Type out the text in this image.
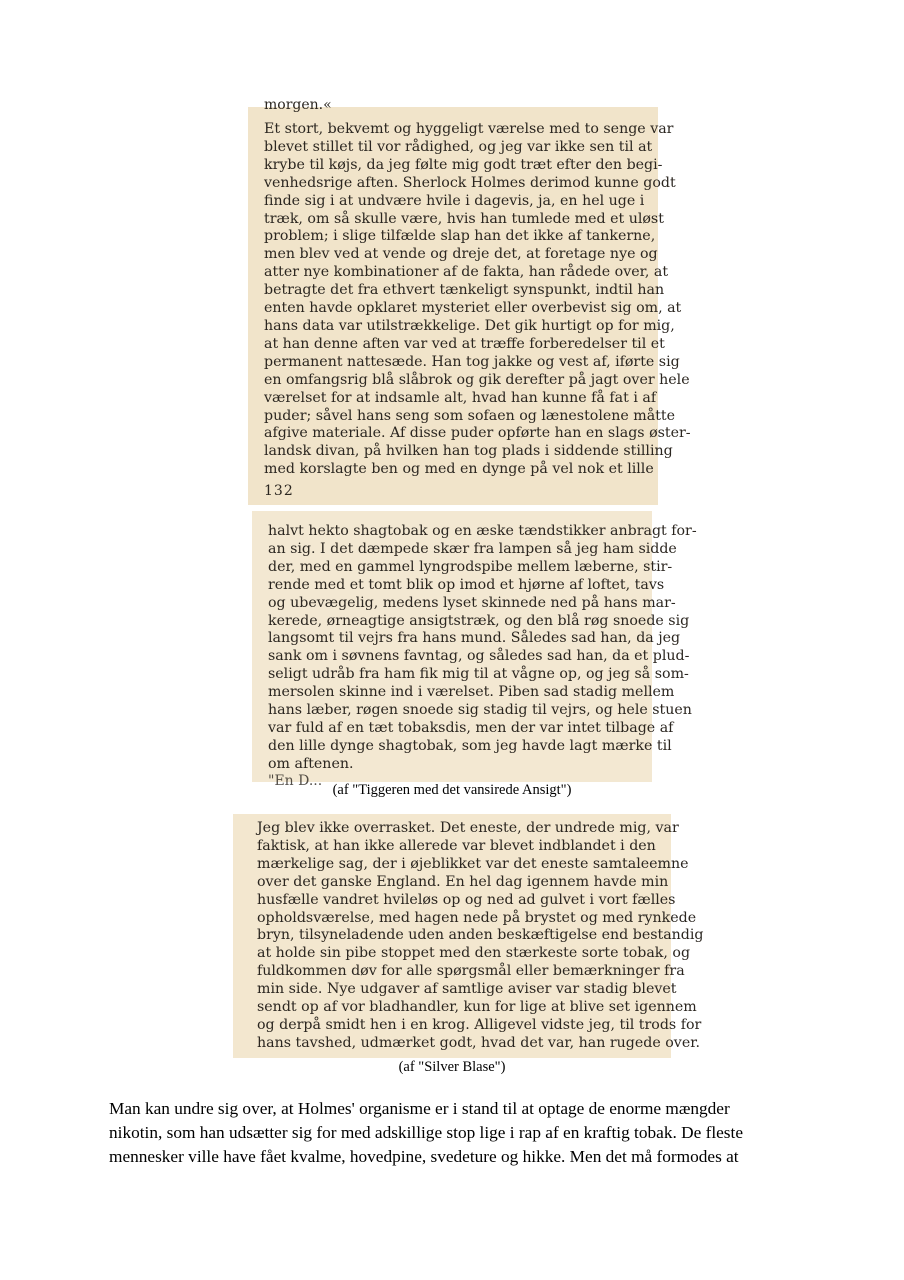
morgen.«
Et stort, bekvemt og hyggeligt værelse med to senge var
blevet stillet til vor rådighed, og jeg var ikke sen til at
krybe til køjs, da jeg følte mig godt træt efter den begi-
venhedsrige aften. Sherlock Holmes derimod kunne godt
finde sig i at undvære hvile i dagevis, ja, en hel uge i
træk, om så skulle være, hvis han tumlede med et uløst
problem; i slige tilfælde slap han det ikke af tankerne,
men blev ved at vende og dreje det, at foretage nye og
atter nye kombinationer af de fakta, han rådede over, at
betragte det fra ethvert tænkeligt synspunkt, indtil han
enten havde opklaret mysteriet eller overbevist sig om, at
hans data var utilstrækkelige. Det gik hurtigt op for mig,
at han denne aften var ved at træffe forberedelser til et
permanent nattesæde. Han tog jakke og vest af, iførte sig
en omfangsrig blå slåbrok og gik derefter på jagt over hele
værelset for at indsamle alt, hvad han kunne få fat i af
puder; såvel hans seng som sofaen og lænestolene måtte
afgive materiale. Af disse puder opførte han en slags øster-
landsk divan, på hvilken han tog plads i siddende stilling
med korslagte ben og med en dynge på vel nok et lille
132
halvt hekto shagtobak og en æske tændstikker anbragt for-
an sig. I det dæmpede skær fra lampen så jeg ham sidde
der, med en gammel lyngrodspibe mellem læberne, stir-
rende med et tomt blik op imod et hjørne af loftet, tavs
og ubevægelig, medens lyset skinnede ned på hans mar-
kerede, ørneagtige ansigtstræk, og den blå røg snoede sig
langsomt til vejrs fra hans mund. Således sad han, da jeg
sank om i søvnens favntag, og således sad han, da et plud-
seligt udråb fra ham fik mig til at vågne op, og jeg så som-
mersolen skinne ind i værelset. Piben sad stadig mellem
hans læber, røgen snoede sig stadig til vejrs, og hele stuen
var fuld af en tæt tobaksdis, men der var intet tilbage af
den lille dynge shagtobak, som jeg havde lagt mærke til
om aftenen.
"En D...
(af "Tiggeren med det vansirede Ansigt")
Jeg blev ikke overrasket. Det eneste, der undrede mig, var
faktisk, at han ikke allerede var blevet indblandet i den
mærkelige sag, der i øjeblikket var det eneste samtaleemne
over det ganske England. En hel dag igennem havde min
husfælle vandret hvileløs op og ned ad gulvet i vort fælles
opholdsværelse, med hagen nede på brystet og med rynkede
bryn, tilsyneladende uden anden beskæftigelse end bestandig
at holde sin pibe stoppet med den stærkeste sorte tobak, og
fuldkommen døv for alle spørgsmål eller bemærkninger fra
min side. Nye udgaver af samtlige aviser var stadig blevet
sendt op af vor bladhandler, kun for lige at blive set igennem
og derpå smidt hen i en krog. Alligevel vidste jeg, til trods for
hans tavshed, udmærket godt, hvad det var, han rugede over.
(af "Silver Blase")
Man kan undre sig over, at Holmes' organisme er i stand til at optage de enorme mængder
nikotin, som han udsætter sig for med adskillige stop lige i rap af en kraftig tobak. De fleste
mennesker ville have fået kvalme, hovedpine, svedeture og hikke. Men det må formodes at
